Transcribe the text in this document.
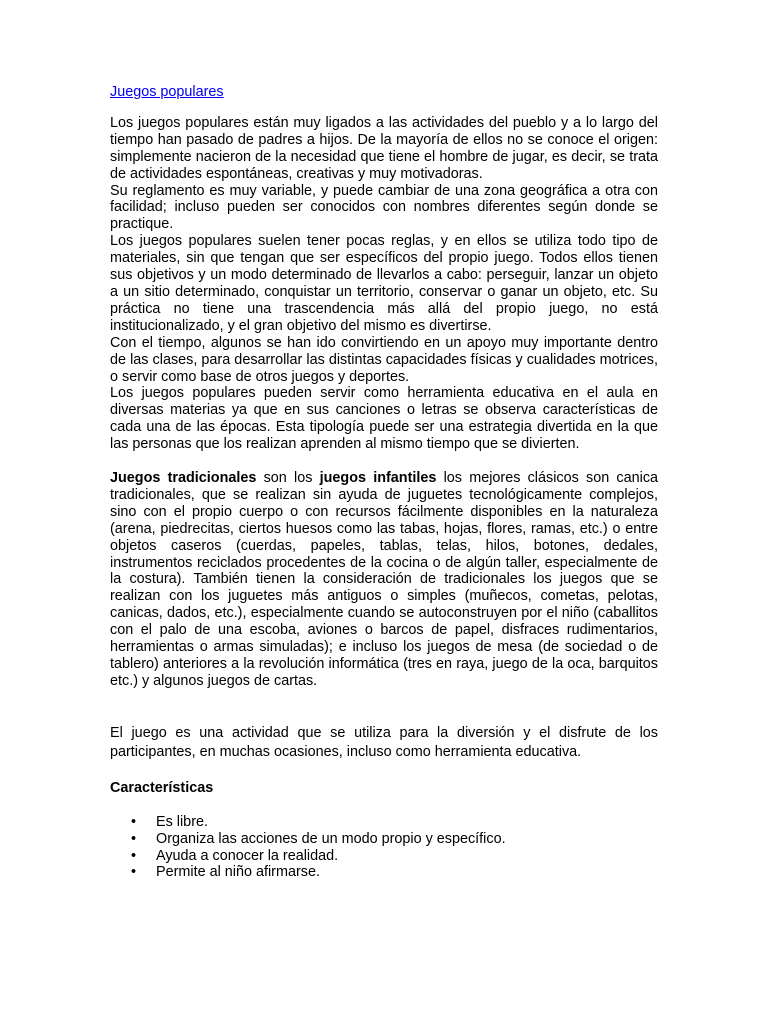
Juegos populares

Los juegos populares están muy ligados a las actividades del pueblo y a lo largo del tiempo han pasado de padres a hijos. De la mayoría de ellos no se conoce el origen: simplemente nacieron de la necesidad que tiene el hombre de jugar, es decir, se trata de actividades espontáneas, creativas y muy motivadoras.

Su reglamento es muy variable, y puede cambiar de una zona geográfica a otra con facilidad; incluso pueden ser conocidos con nombres diferentes según donde se practique.

Los juegos populares suelen tener pocas reglas, y en ellos se utiliza todo tipo de materiales, sin que tengan que ser específicos del propio juego. Todos ellos tienen sus objetivos y un modo determinado de llevarlos a cabo: perseguir, lanzar un objeto a un sitio determinado, conquistar un territorio, conservar o ganar un objeto, etc. Su práctica no tiene una trascendencia más allá del propio juego, no está institucionalizado, y el gran objetivo del mismo es divertirse.

Con el tiempo, algunos se han ido convirtiendo en un apoyo muy importante dentro de las clases, para desarrollar las distintas capacidades físicas y cualidades motrices, o servir como base de otros juegos y deportes.

Los juegos populares pueden servir como herramienta educativa en el aula en diversas materias ya que en sus canciones o letras se observa características de cada una de las épocas. Esta tipología puede ser una estrategia divertida en la que las personas que los realizan aprenden al mismo tiempo que se divierten.

Juegos tradicionales son los juegos infantiles los mejores clásicos son canica tradicionales, que se realizan sin ayuda de juguetes tecnológicamente complejos, sino con el propio cuerpo o con recursos fácilmente disponibles en la naturaleza (arena, piedrecitas, ciertos huesos como las tabas, hojas, flores, ramas, etc.) o entre objetos caseros (cuerdas, papeles, tablas, telas, hilos, botones, dedales, instrumentos reciclados procedentes de la cocina o de algún taller, especialmente de la costura). También tienen la consideración de tradicionales los juegos que se realizan con los juguetes más antiguos o simples (muñecos, cometas, pelotas, canicas, dados, etc.), especialmente cuando se autoconstruyen por el niño (caballitos con el palo de una escoba, aviones o barcos de papel, disfraces rudimentarios, herramientas o armas simuladas); e incluso los juegos de mesa (de sociedad o de tablero) anteriores a la revolución informática (tres en raya, juego de la oca, barquitos etc.) y algunos juegos de cartas.

El juego es una actividad que se utiliza para la diversión y el disfrute de los participantes, en muchas ocasiones, incluso como herramienta educativa.

Características

• Es libre.
• Organiza las acciones de un modo propio y específico.
• Ayuda a conocer la realidad.
• Permite al niño afirmarse.
